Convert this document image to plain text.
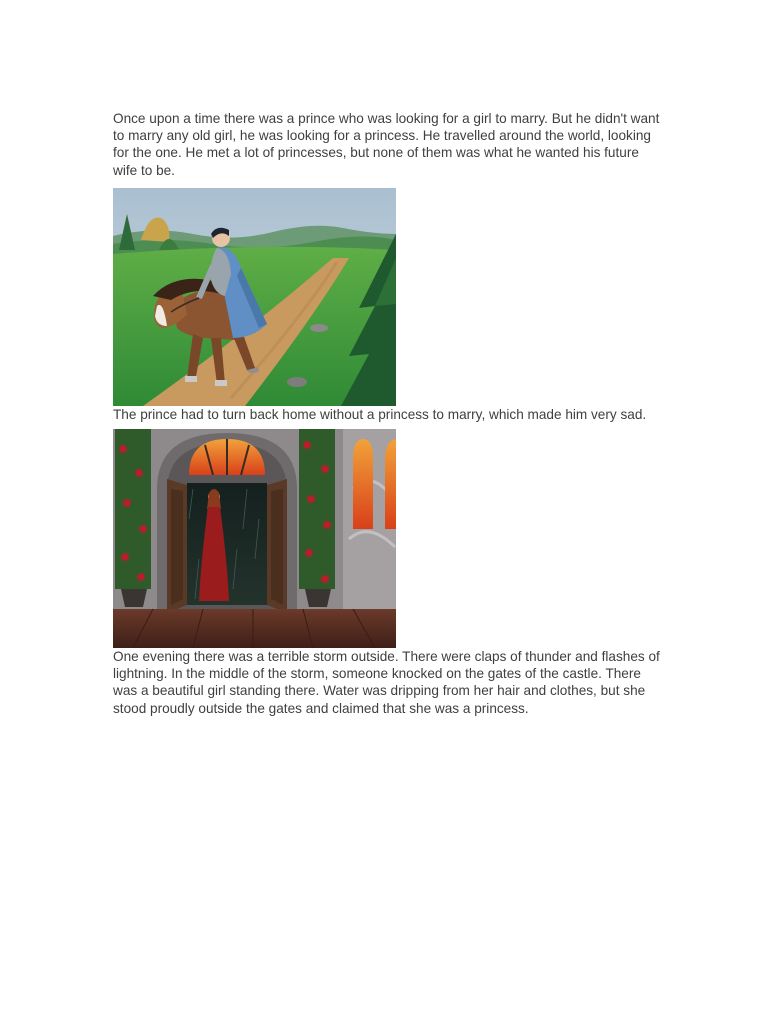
Once upon a time there was a prince who was looking for a girl to marry. But he didn't want to marry any old girl, he was looking for a princess. He travelled around the world, looking for the one. He met a lot of princesses, but none of them was what he wanted his future wife to be.

The prince had to turn back home without a princess to marry, which made him very sad.

One evening there was a terrible storm outside. There were claps of thunder and flashes of lightning. In the middle of the storm, someone knocked on the gates of the castle. There was a beautiful girl standing there. Water was dripping from her hair and clothes, but she stood proudly outside the gates and claimed that she was a princess.
